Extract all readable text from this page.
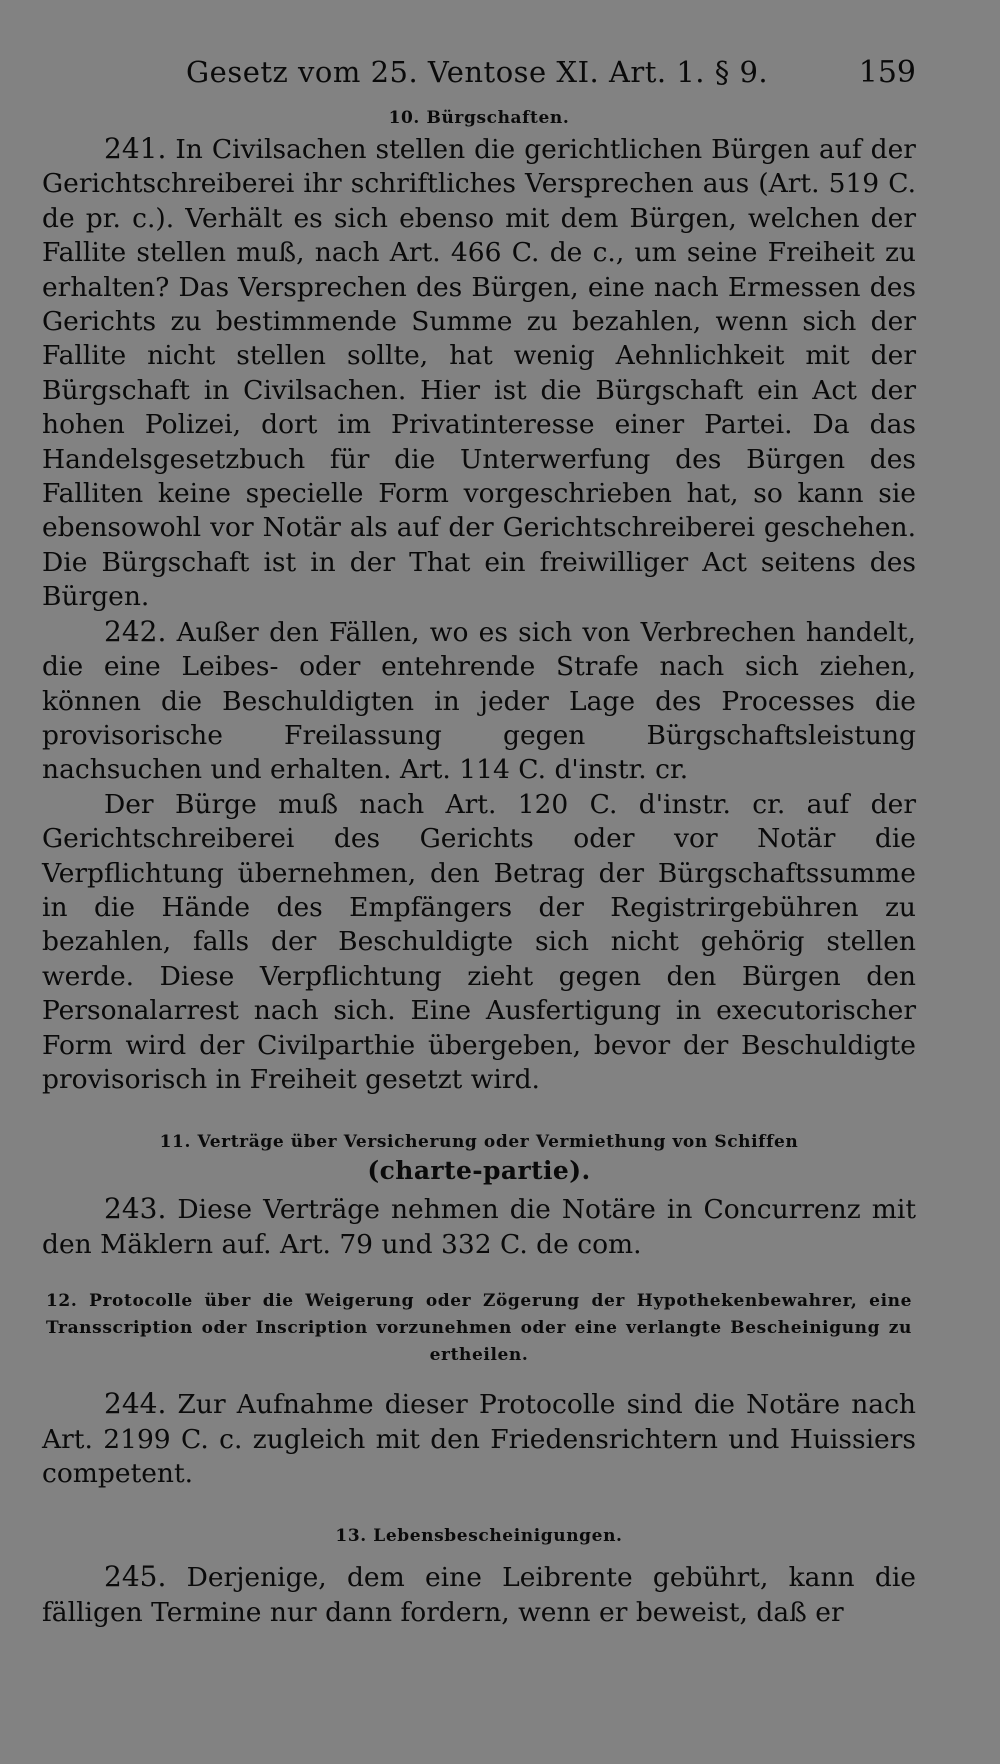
Gesetz vom 25. Ventose XI. Art. 1. § 9.	159
10. Bürgschaften.

241. In Civilsachen stellen die gerichtlichen Bürgen auf der Gerichtschreiberei ihr schriftliches Versprechen aus (Art. 519 C. de pr. c.). Verhält es sich ebenso mit dem Bürgen, welchen der Fallite stellen muß, nach Art. 466 C. de c., um seine Freiheit zu erhalten? Das Versprechen des Bürgen, eine nach Ermessen des Gerichts zu bestimmende Summe zu bezahlen, wenn sich der Fallite nicht stellen sollte, hat wenig Aehnlichkeit mit der Bürgschaft in Civilsachen. Hier ist die Bürgschaft ein Act der hohen Polizei, dort im Privatinteresse einer Partei. Da das Handelsgesetzbuch für die Unterwerfung des Bürgen des Falliten keine specielle Form vorgeschrieben hat, so kann sie ebensowohl vor Notär als auf der Gerichtschreiberei geschehen. Die Bürgschaft ist in der That ein freiwilliger Act seitens des Bürgen.

242. Außer den Fällen, wo es sich von Verbrechen handelt, die eine Leibes- oder entehrende Strafe nach sich ziehen, können die Beschuldigten in jeder Lage des Processes die provisorische Freilassung gegen Bürgschaftsleistung nachsuchen und erhalten. Art. 114 C. d'instr. cr.

Der Bürge muß nach Art. 120 C. d'instr. cr. auf der Gerichtschreiberei des Gerichts oder vor Notär die Verpflichtung übernehmen, den Betrag der Bürgschaftssumme in die Hände des Empfängers der Registrirgebühren zu bezahlen, falls der Beschuldigte sich nicht gehörig stellen werde. Diese Verpflichtung zieht gegen den Bürgen den Personalarrest nach sich. Eine Ausfertigung in executorischer Form wird der Civilparthie übergeben, bevor der Beschuldigte provisorisch in Freiheit gesetzt wird.

11. Verträge über Versicherung oder Vermiethung von Schiffen
(charte-partie).

243. Diese Verträge nehmen die Notäre in Concurrenz mit den Mäklern auf. Art. 79 und 332 C. de com.

12. Protocolle über die Weigerung oder Zögerung der Hypothekenbewahrer, eine Transscription oder Inscription vorzunehmen oder eine verlangte Bescheinigung zu ertheilen.

244. Zur Aufnahme dieser Protocolle sind die Notäre nach Art. 2199 C. c. zugleich mit den Friedensrichtern und Huissiers competent.

13. Lebensbescheinigungen.

245. Derjenige, dem eine Leibrente gebührt, kann die fälligen Termine nur dann fordern, wenn er beweist, daß er
